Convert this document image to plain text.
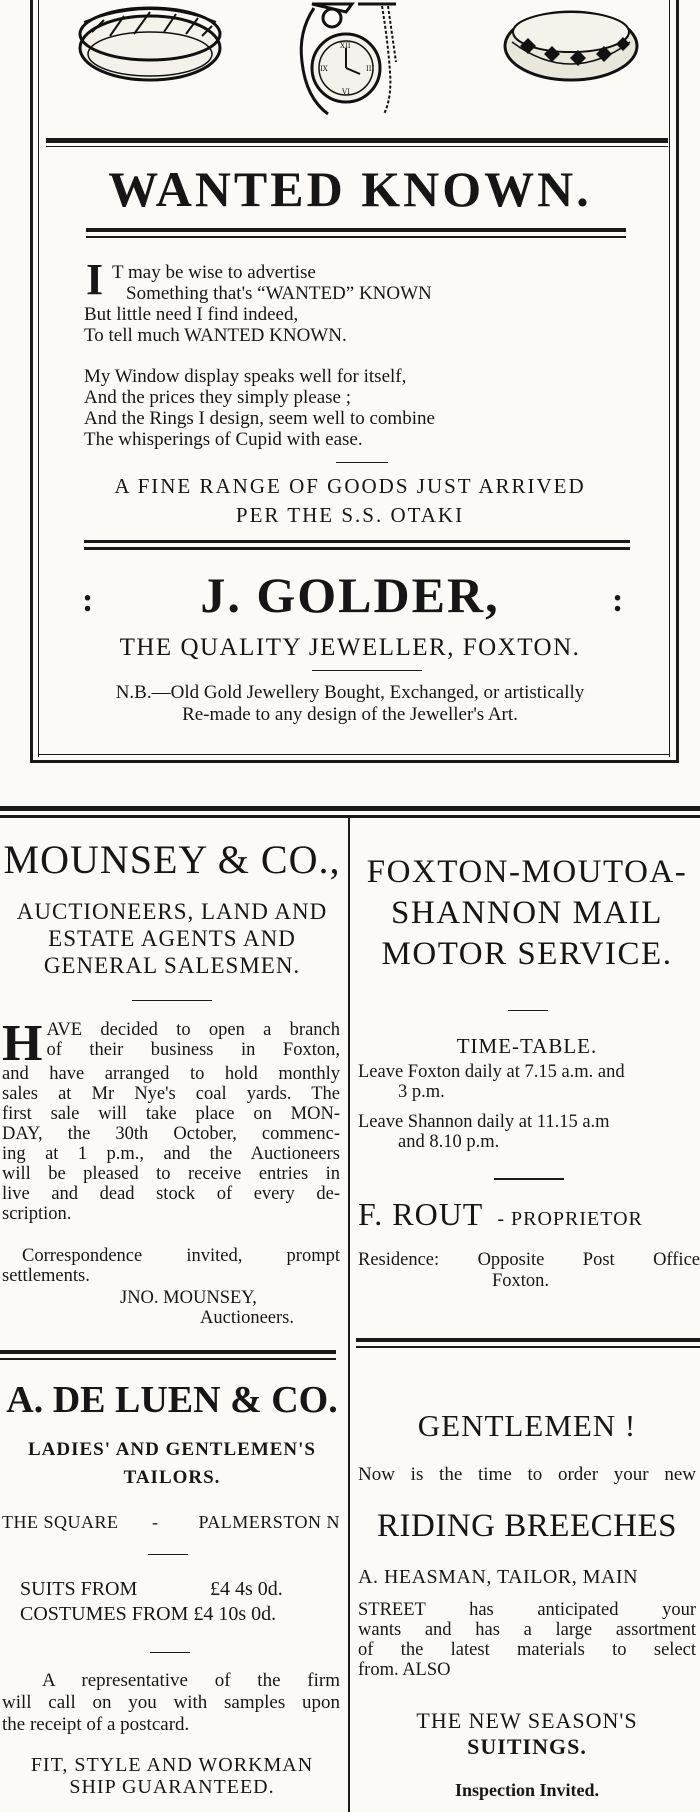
XII
IX	III
VI
WANTED KNOWN.
I T may be wise to advertise
Something that's “WANTED” KNOWN
But little need I find indeed,
To tell much WANTED KNOWN.
My Window display speaks well for itself,
And the prices they simply please ;
And the Rings I design, seem well to combine
The whisperings of Cupid with ease.
A FINE RANGE OF GOODS JUST ARRIVED
PER THE S.S. OTAKI
:	:
J. GOLDER,
THE QUALITY JEWELLER, FOXTON.
N.B.—Old Gold Jewellery Bought, Exchanged, or artistically
Re-made to any design of the Jeweller's Art.
MOUNSEY & CO.,
AUCTIONEERS, LAND AND
ESTATE AGENTS AND
GENERAL SALESMEN.
H AVE decided to open a branch
of their business in Foxton,
and have arranged to hold monthly
sales at Mr Nye's coal yards. The
first sale will take place on MON-
DAY, the 30th October, commenc-
ing at 1 p.m., and the Auctioneers
will be pleased to receive entries in
live and dead stock of every de-
scription.
Correspondence invited, prompt
settlements.
JNO. MOUNSEY,
Auctioneers.
A. DE LUEN & CO.
LADIES' AND GENTLEMEN'S
TAILORS.
THE SQUARE - PALMERSTON N
SUITS FROM	£4 4s 0d.
COSTUMES FROM £4 10s 0d.
A representative of the firm
will call on you with samples upon
the receipt of a postcard.
FIT, STYLE AND WORKMAN
SHIP GUARANTEED.
FOXTON-MOUTOA-
SHANNON MAIL
MOTOR SERVICE.
TIME-TABLE.
Leave Foxton daily at 7.15 a.m. and
3 p.m.
Leave Shannon daily at 11.15 a.m
and 8.10 p.m.
F. ROUT - PROPRIETOR
Residence: Opposite Post Office
Foxton.
GENTLEMEN !
Now is the time to order your new
RIDING BREECHES
A. HEASMAN, TAILOR, MAIN
STREET has anticipated your
wants and has a large assortment
of the latest materials to select
from. ALSO
THE NEW SEASON'S
SUITINGS.
Inspection Invited.
